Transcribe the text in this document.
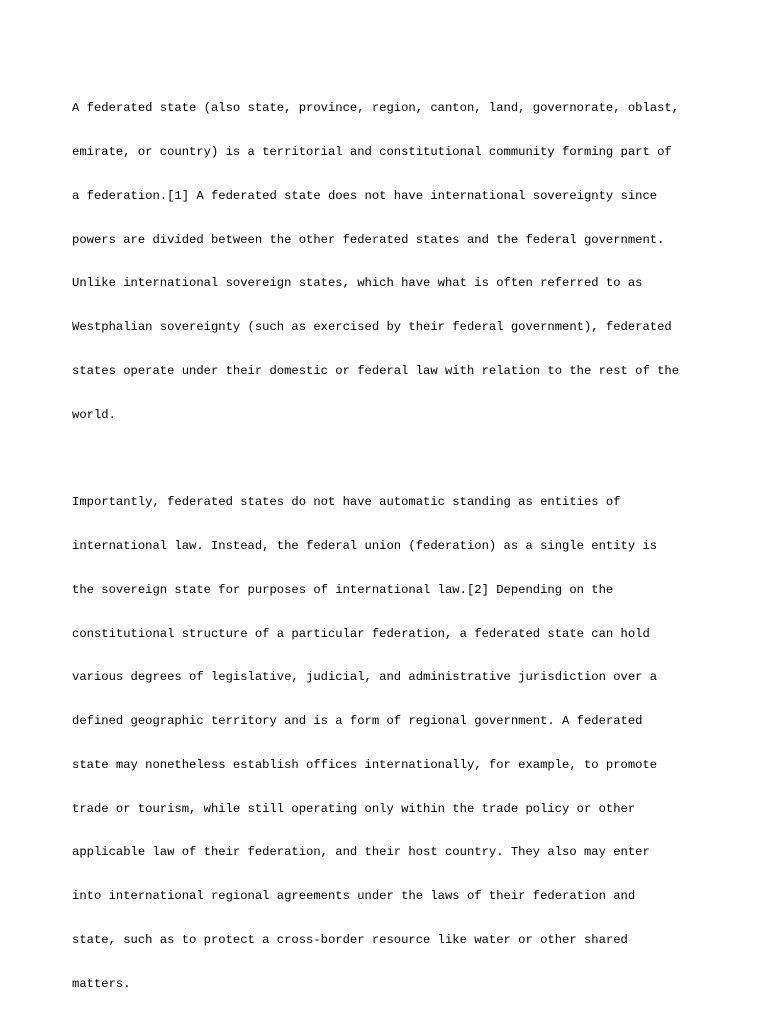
A federated state (also state, province, region, canton, land, governorate, oblast,

emirate, or country) is a territorial and constitutional community forming part of

a federation.[1] A federated state does not have international sovereignty since

powers are divided between the other federated states and the federal government.

Unlike international sovereign states, which have what is often referred to as

Westphalian sovereignty (such as exercised by their federal government), federated

states operate under their domestic or federal law with relation to the rest of the

world.

Importantly, federated states do not have automatic standing as entities of

international law. Instead, the federal union (federation) as a single entity is

the sovereign state for purposes of international law.[2] Depending on the

constitutional structure of a particular federation, a federated state can hold

various degrees of legislative, judicial, and administrative jurisdiction over a

defined geographic territory and is a form of regional government. A federated

state may nonetheless establish offices internationally, for example, to promote

trade or tourism, while still operating only within the trade policy or other

applicable law of their federation, and their host country. They also may enter

into international regional agreements under the laws of their federation and

state, such as to protect a cross-border resource like water or other shared

matters.
